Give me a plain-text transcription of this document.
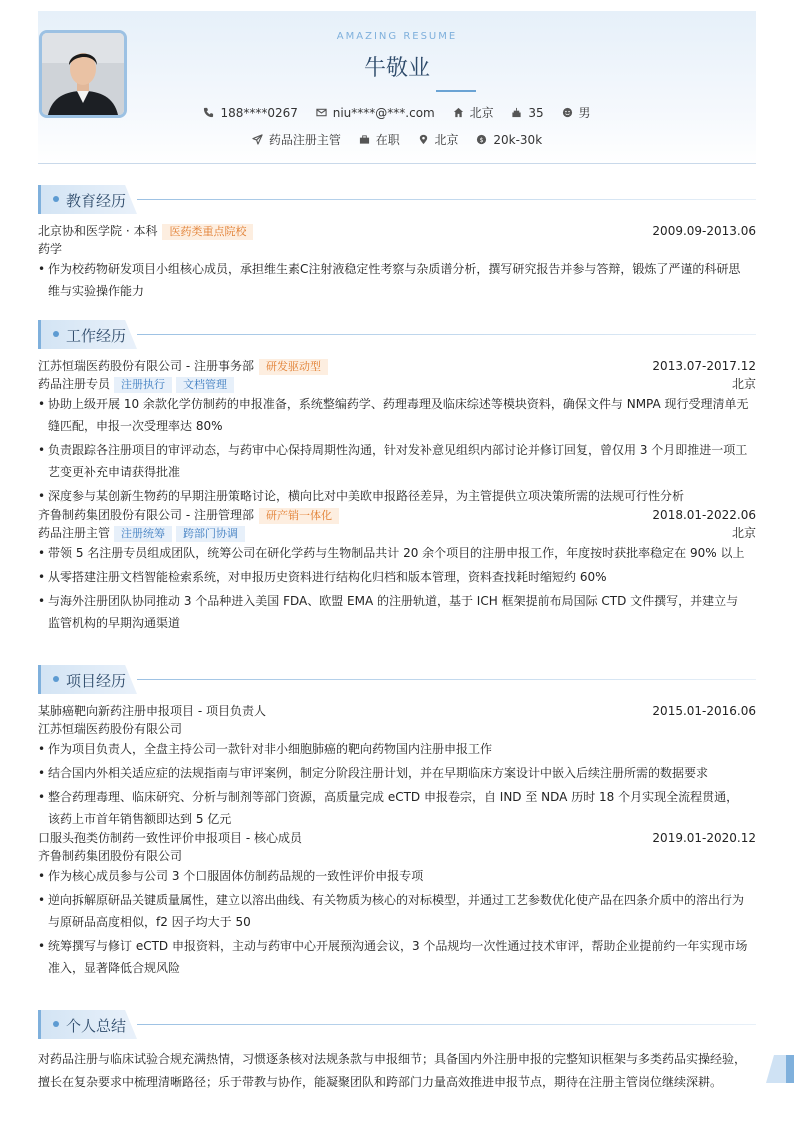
AMAZING RESUME
牛敬业
188****0267	niu****@***.com	北京	35	男
药品注册主管	在职	北京	$ 20k-30k
教育经历
北京协和医学院 · 本科 医药类重点院校	2009.09-2013.06
药学
• 作为校药物研发项目小组核心成员，承担维生素C注射液稳定性考察与杂质谱分析，撰写研究报告并参与答辩，锻炼了严谨的科研思维与实验操作能力
工作经历
江苏恒瑞医药股份有限公司 - 注册事务部 研发驱动型	2013.07-2017.12
药品注册专员 注册执行 文档管理	北京
• 协助上级开展 10 余款化学仿制药的申报准备，系统整编药学、药理毒理及临床综述等模块资料，确保文件与 NMPA 现行受理清单无缝匹配，申报一次受理率达 80%
• 负责跟踪各注册项目的审评动态，与药审中心保持周期性沟通，针对发补意见组织内部讨论并修订回复，曾仅用 3 个月即推进一项工艺变更补充申请获得批准
• 深度参与某创新生物药的早期注册策略讨论，横向比对中美欧申报路径差异，为主管提供立项决策所需的法规可行性分析
齐鲁制药集团股份有限公司 - 注册管理部 研产销一体化	2018.01-2022.06
药品注册主管 注册统筹 跨部门协调	北京
• 带领 5 名注册专员组成团队，统筹公司在研化学药与生物制品共计 20 余个项目的注册申报工作，年度按时获批率稳定在 90% 以上
• 从零搭建注册文档智能检索系统，对申报历史资料进行结构化归档和版本管理，资料查找耗时缩短约 60%
• 与海外注册团队协同推动 3 个品种进入美国 FDA、欧盟 EMA 的注册轨道，基于 ICH 框架提前布局国际 CTD 文件撰写，并建立与监管机构的早期沟通渠道
项目经历
某肺癌靶向新药注册申报项目 - 项目负责人	2015.01-2016.06
江苏恒瑞医药股份有限公司
• 作为项目负责人，全盘主持公司一款针对非小细胞肺癌的靶向药物国内注册申报工作
• 结合国内外相关适应症的法规指南与审评案例，制定分阶段注册计划，并在早期临床方案设计中嵌入后续注册所需的数据要求
• 整合药理毒理、临床研究、分析与制剂等部门资源，高质量完成 eCTD 申报卷宗，自 IND 至 NDA 历时 18 个月实现全流程贯通，该药上市首年销售额即达到 5 亿元
口服头孢类仿制药一致性评价申报项目 - 核心成员	2019.01-2020.12
齐鲁制药集团股份有限公司
• 作为核心成员参与公司 3 个口服固体仿制药品规的一致性评价申报专项
• 逆向拆解原研品关键质量属性，建立以溶出曲线、有关物质为核心的对标模型，并通过工艺参数优化使产品在四条介质中的溶出行为与原研品高度相似，f2 因子均大于 50
• 统筹撰写与修订 eCTD 申报资料，主动与药审中心开展预沟通会议，3 个品规均一次性通过技术审评，帮助企业提前约一年实现市场准入，显著降低合规风险
个人总结
对药品注册与临床试验合规充满热情，习惯逐条核对法规条款与申报细节；具备国内外注册申报的完整知识框架与多类药品实操经验，擅长在复杂要求中梳理清晰路径；乐于带教与协作，能凝聚团队和跨部门力量高效推进申报节点，期待在注册主管岗位继续深耕。
